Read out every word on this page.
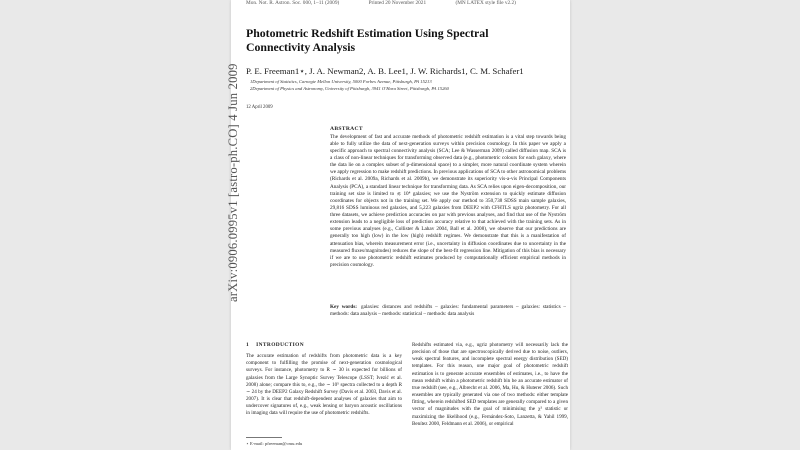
arXiv:0906.0995v1 [astro-ph.CO] 4 Jun 2009
Mon. Not. R. Astron. Soc. 000, 1–11 (2009)	Printed 20 November 2021	(MN LATEX style file v2.2)
Photometric Redshift Estimation Using Spectral Connectivity Analysis
P. E. Freeman1⋆, J. A. Newman2, A. B. Lee1, J. W. Richards1, C. M. Schafer1
1Department of Statistics, Carnegie Mellon University, 5000 Forbes Avenue, Pittsburgh, PA 15213
2Department of Physics and Astronomy, University of Pittsburgh, 3941 O'Hara Street, Pittsburgh, PA 15260
12 April 2009
ABSTRACT

The development of fast and accurate methods of photometric redshift estimation is a vital step towards being able to fully utilize the data of next-generation surveys within precision cosmology. In this paper we apply a specific approach to spectral connectivity analysis (SCA; Lee & Wasserman 2009) called diffusion map. SCA is a class of non-linear techniques for transforming observed data (e.g., photometric colours for each galaxy, where the data lie on a complex subset of p-dimensional space) to a simpler, more natural coordinate system wherein we apply regression to make redshift predictions. In previous applications of SCA to other astronomical problems (Richards et al. 2009a, Richards et al. 2009b), we demonstrate its superiority vis-a-vis Principal Components Analysis (PCA), a standard linear technique for transforming data. As SCA relies upon eigen-decomposition, our training set size is limited to ≲ 10⁴ galaxies; we use the Nyström extension to quickly estimate diffusion coordinates for objects not in the training set. We apply our method to 350,738 SDSS main sample galaxies, 29,816 SDSS luminous red galaxies, and 5,223 galaxies from DEEP2 with CFHTLS ugriz photometry. For all three datasets, we achieve prediction accuracies on par with previous analyses, and find that use of the Nyström extension leads to a negligible loss of prediction accuracy relative to that achieved with the training sets. As in some previous analyses (e.g., Collister & Lahav 2004, Ball et al. 2008), we observe that our predictions are generally too high (low) in the low (high) redshift regimes. We demonstrate that this is a manifestation of attenuation bias, wherein measurement error (i.e., uncertainty in diffusion coordinates due to uncertainty in the measured fluxes/magnitudes) reduces the slope of the best-fit regression line. Mitigation of this bias is necessary if we are to use photometric redshift estimates produced by computationally efficient empirical methods in precision cosmology.

Key words: galaxies: distances and redshifts – galaxies: fundamental parameters – galaxies: statistics – methods: data analysis – methods: statistical – methods: data analysis
1 INTRODUCTION

The accurate estimation of redshifts from photometric data is a key component to fulfilling the promise of next-generation cosmological surveys. For instance, photometry to R ∼ 30 is expected for billions of galaxies from the Large Synoptic Survey Telescope (LSST; Ivezić et al. 2008) alone; compare this to, e.g., the ∼ 10⁵ spectra collected to a depth R ∼ 24 by the DEEP2 Galaxy Redshift Survey (Davis et al. 2003, Davis et al. 2007). It is clear that redshift-dependent analyses of galaxies that aim to undercover signatures of, e.g., weak lensing or baryon acoustic oscillations in imaging data will require the use of photometric redshifts.

Redshifts estimated via, e.g., ugriz photometry will necessarily lack the precision of those that are spectroscopically derived due to noise, outliers, weak spectral features, and incomplete spectral energy distribution (SED) templates. For this reason, one major goal of photometric redshift estimation is to generate accurate ensembles of estimates, i.e., to have the mean redshift within a photometric redshift bin be an accurate estimator of true redshift (see, e.g., Albrecht et al. 2006, Ma, Hu, & Huterer 2006). Such ensembles are typically generated via one of two methods: either template fitting, wherein redshifted SED templates are generally compared to a given vector of magnitudes with the goal of minimising the χ² statistic or maximizing the likelihood (e.g., Fernández-Soto, Lanzetta, & Yahil 1999, Benítez 2000, Feldmann et al. 2006), or empirical

⋆ E-mail: pfreeman@cmu.edu
